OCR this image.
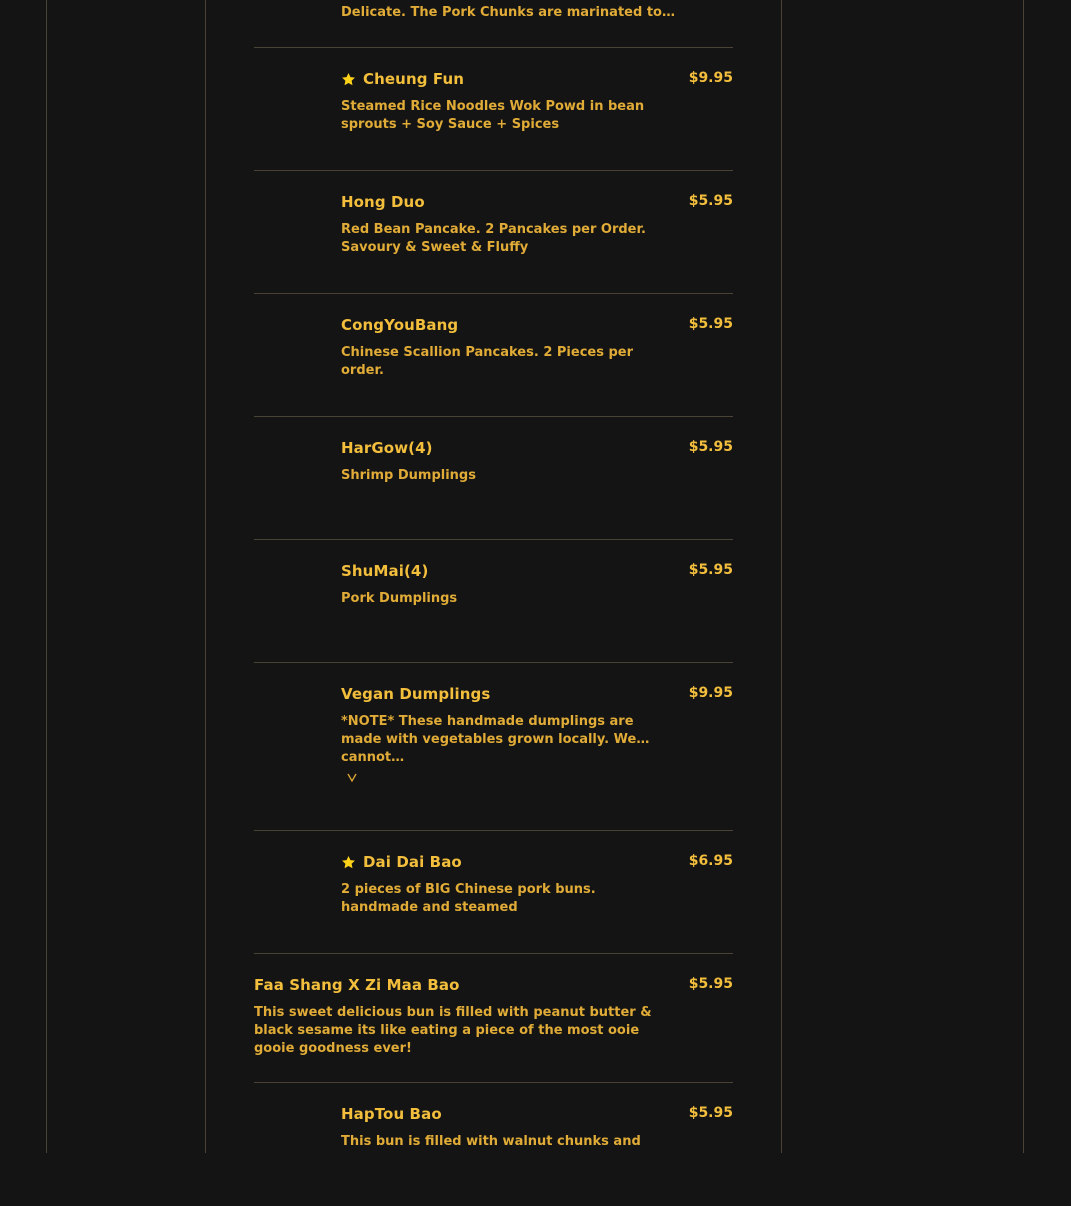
Delicate. The Pork Chunks are marinated to…
Cheung Fun	$9.95
Steamed Rice Noodles Wok Powd in bean sprouts + Soy Sauce + Spices
Hong Duo	$5.95
Red Bean Pancake. 2 Pancakes per Order. Savoury & Sweet & Fluffy
CongYouBang	$5.95
Chinese Scallion Pancakes. 2 Pieces per order.
HarGow(4)	$5.95
Shrimp Dumplings
ShuMai(4)	$5.95
Pork Dumplings
Vegan Dumplings	$9.95
*NOTE* These handmade dumplings are made with vegetables grown locally. We cannot…
Dai Dai Bao	$6.95
2 pieces of BIG Chinese pork buns. handmade and steamed
Faa Shang X Zi Maa Bao	$5.95
This sweet delicious bun is filled with peanut butter & black sesame its like eating a piece of the most ooie gooie goodness ever!
HapTou Bao	$5.95
This bun is filled with walnut chunks and
